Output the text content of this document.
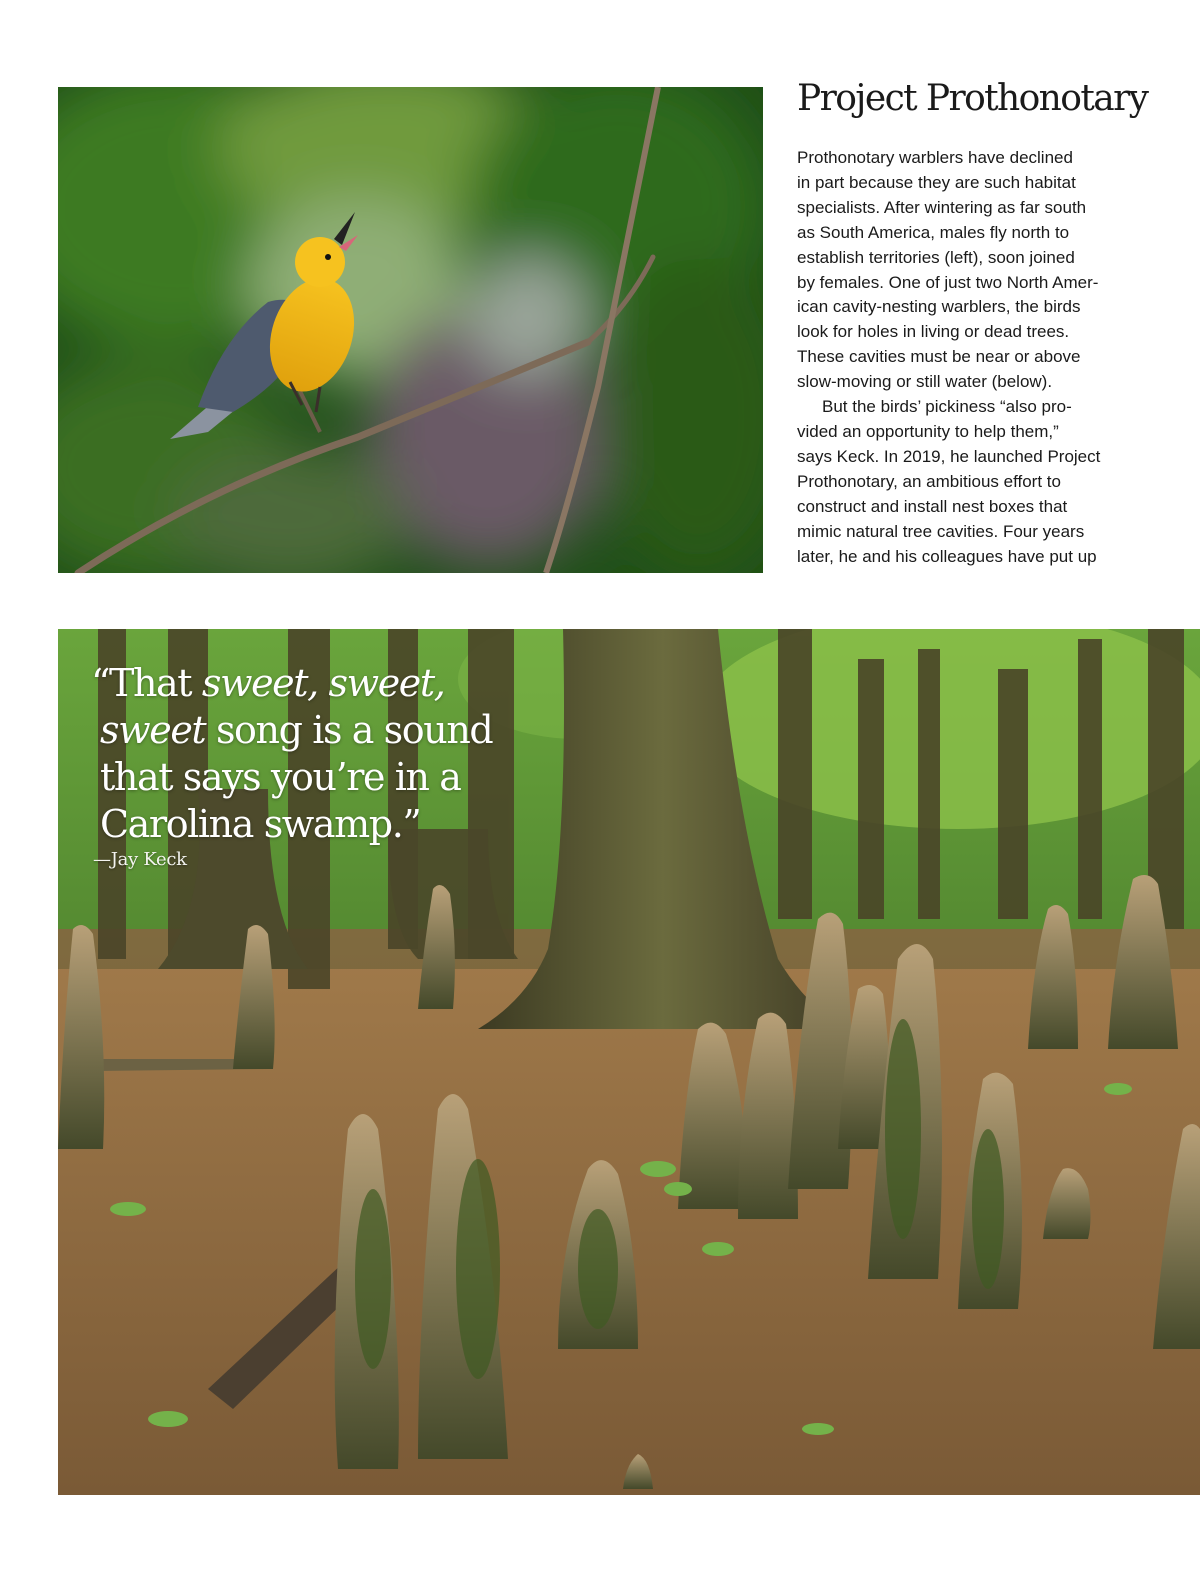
Project Prothonotary
Prothonotary warblers have declined
in part because they are such habitat
specialists. After wintering as far south
as South America, males fly north to
establish territories (left), soon joined
by females. One of just two North Amer-
ican cavity-nesting warblers, the birds
look for holes in living or dead trees.
These cavities must be near or above
slow-moving or still water (below).
But the birds’ pickiness “also pro-
vided an opportunity to help them,”
says Keck. In 2019, he launched Project
Prothonotary, an ambitious effort to
construct and install nest boxes that
mimic natural tree cavities. Four years
later, he and his colleagues have put up
“That sweet, sweet,
sweet song is a sound
that says you’re in a
Carolina swamp.”
—Jay Keck
